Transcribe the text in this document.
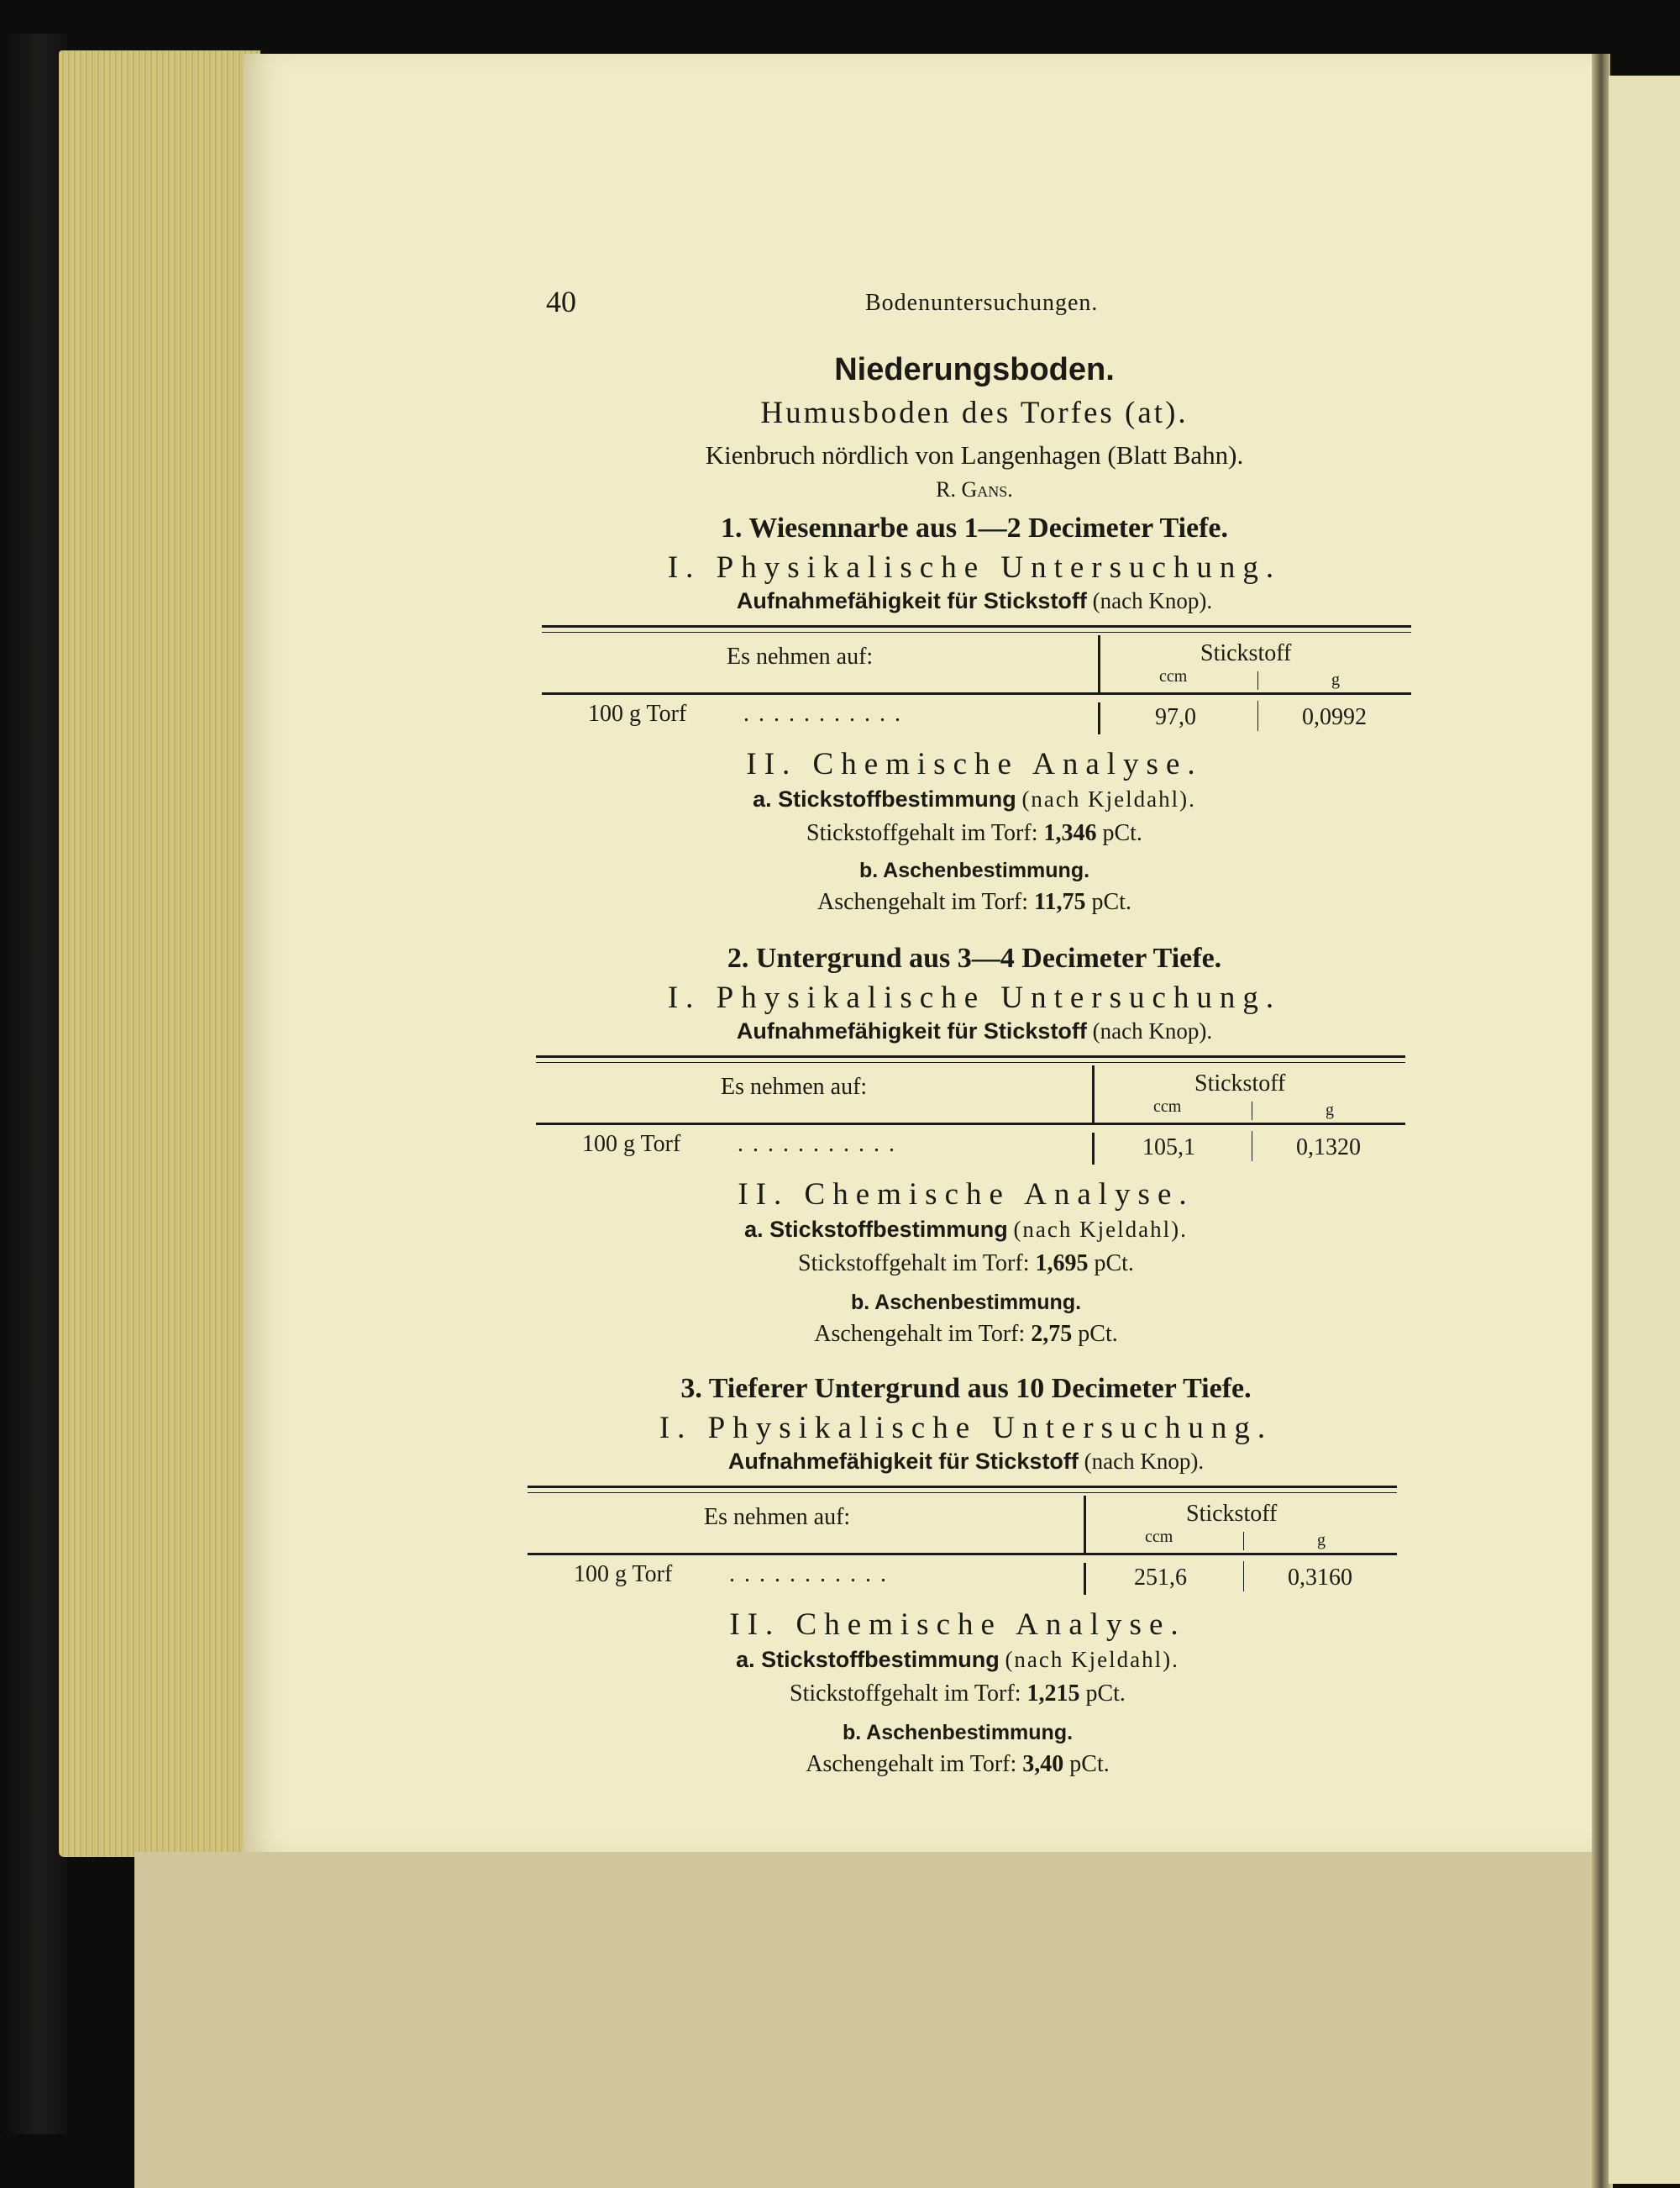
40	Bodenuntersuchungen.
Niederungsboden.
Humusboden des Torfes (at).
Kienbruch nördlich von Langenhagen (Blatt Bahn).
R. Gans.
1. Wiesennarbe aus 1—2 Decimeter Tiefe.
I. Physikalische Untersuchung.
Aufnahmefähigkeit für Stickstoff (nach Knop).
Es nehmen auf:	Stickstoff
ccm	g
100 g Torf . . . . . . . . . . .	97,0	0,0992
II. Chemische Analyse.
a. Stickstoffbestimmung (nach Kjeldahl).
Stickstoffgehalt im Torf: 1,346 pCt.
b. Aschenbestimmung.
Aschengehalt im Torf: 11,75 pCt.
2. Untergrund aus 3—4 Decimeter Tiefe.
I. Physikalische Untersuchung.
Aufnahmefähigkeit für Stickstoff (nach Knop).
Es nehmen auf:	Stickstoff
ccm	g
100 g Torf . . . . . . . . . . .	105,1	0,1320
II. Chemische Analyse.
a. Stickstoffbestimmung (nach Kjeldahl).
Stickstoffgehalt im Torf: 1,695 pCt.
b. Aschenbestimmung.
Aschengehalt im Torf: 2,75 pCt.
3. Tieferer Untergrund aus 10 Decimeter Tiefe.
I. Physikalische Untersuchung.
Aufnahmefähigkeit für Stickstoff (nach Knop).
Es nehmen auf:	Stickstoff
ccm	g
100 g Torf . . . . . . . . . . .	251,6	0,3160
II. Chemische Analyse.
a. Stickstoffbestimmung (nach Kjeldahl).
Stickstoffgehalt im Torf: 1,215 pCt.
b. Aschenbestimmung.
Aschengehalt im Torf: 3,40 pCt.
